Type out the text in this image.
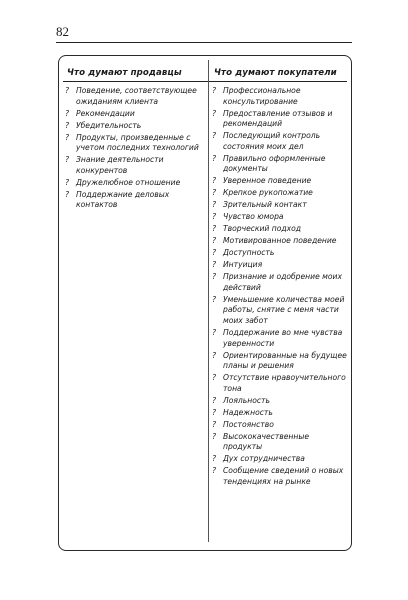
82
Что думают продавцы	Что думают покупатели
? Поведение, соответствующее ожиданиям клиента
? Рекомендации
? Убедительность
? Продукты, произведенные с учетом последних технологий
? Знание деятельности конкурентов
? Дружелюбное отношение
? Поддержание деловых контактов
? Профессиональное консультирование
? Предоставление отзывов и рекомендаций
? Последующий контроль состояния моих дел
? Правильно оформленные документы
? Уверенное поведение
? Крепкое рукопожатие
? Зрительный контакт
? Чувство юмора
? Творческий подход
? Мотивированное поведение
? Доступность
? Интуиция
? Признание и одобрение моих действий
? Уменьшение количества моей работы, снятие с меня части моих забот
? Поддержание во мне чувства уверенности
? Ориентированные на будущее планы и решения
? Отсутствие нравоучительного тона
? Лояльность
? Надежность
? Постоянство
? Высококачественные продукты
? Дух сотрудничества
? Сообщение сведений о новых тенденциях на рынке
